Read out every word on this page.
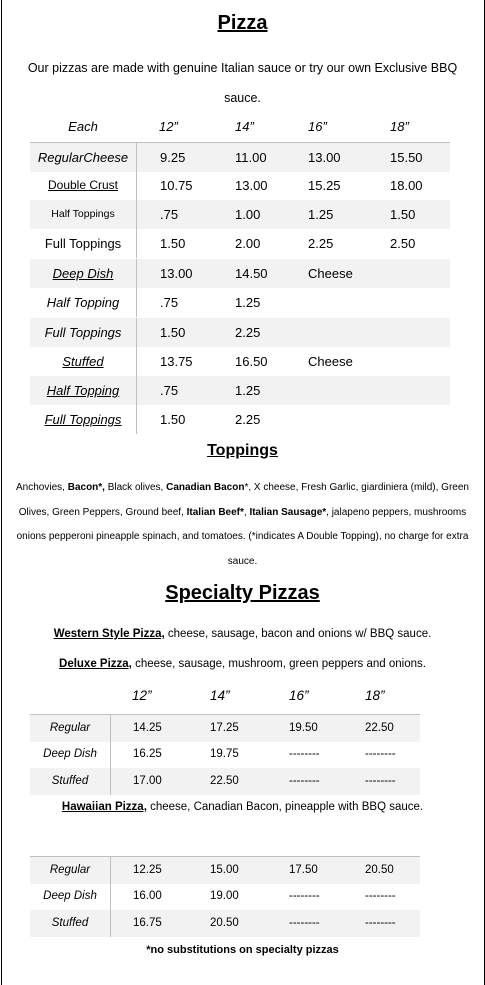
Pizza
Our pizzas are made with genuine Italian sauce or try our own Exclusive BBQ sauce.
Each	12”	14”	16”	18”
RegularCheese	9.25	11.00	13.00	15.50
Double Crust	10.75	13.00	15.25	18.00
Half Toppings	.75	1.00	1.25	1.50
Full Toppings	1.50	2.00	2.25	2.50
Deep Dish	13.00	14.50	Cheese
Half Topping	.75	1.25
Full Toppings	1.50	2.25
Stuffed	13.75	16.50	Cheese
Half Topping	.75	1.25
Full Toppings	1.50	2.25
Toppings
Anchovies, Bacon*, Black olives, Canadian Bacon*, X cheese, Fresh Garlic, giardiniera (mild), Green Olives, Green Peppers, Ground beef, Italian Beef*, Italian Sausage*, jalapeno peppers, mushrooms onions pepperoni pineapple spinach, and tomatoes. (*indicates A Double Topping), no charge for extra sauce.
Specialty Pizzas
Western Style Pizza, cheese, sausage, bacon and onions w/ BBQ sauce.
Deluxe Pizza, cheese, sausage, mushroom, green peppers and onions.
12”	14”	16”	18”
Regular	14.25	17.25	19.50	22.50
Deep Dish	16.25	19.75	--------	--------
Stuffed	17.00	22.50	--------	--------
Hawaiian Pizza, cheese, Canadian Bacon, pineapple with BBQ sauce.
Regular	12.25	15.00	17.50	20.50
Deep Dish	16.00	19.00	--------	--------
Stuffed	16.75	20.50	--------	--------
*no substitutions on specialty pizzas
